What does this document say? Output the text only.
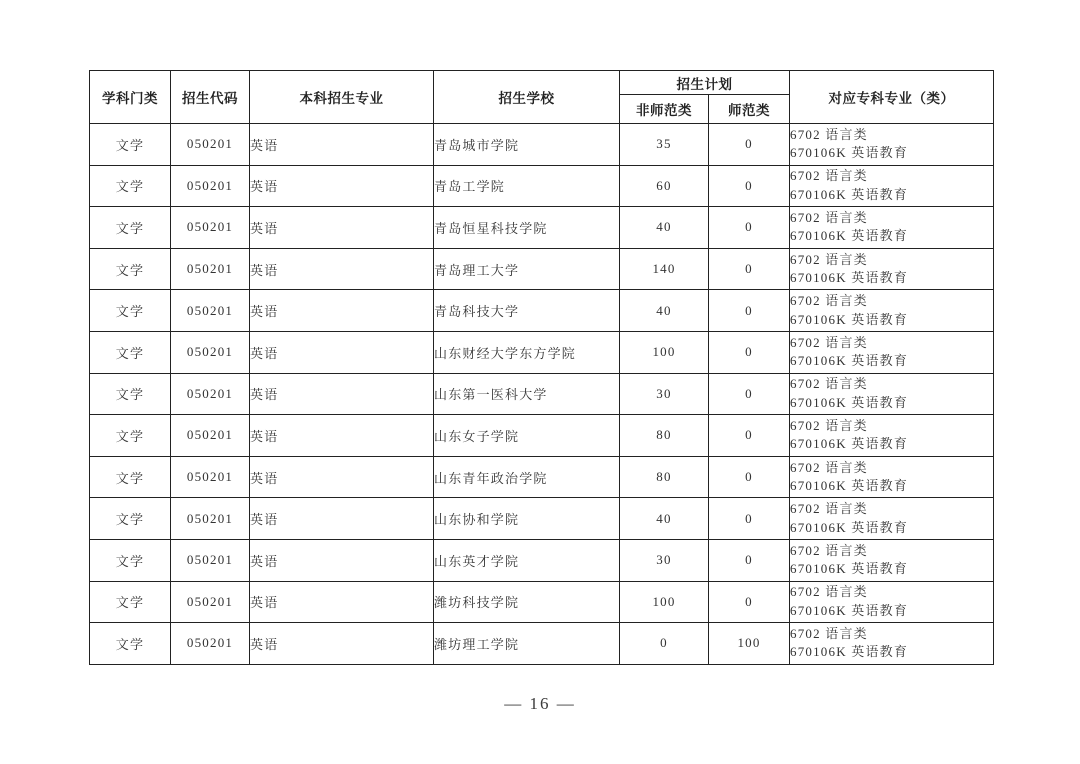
学科门类	招生代码	本科招生专业	招生学校	招生计划		对应专科专业（类）
				非师范类	师范类	
文学	050201	英语	青岛城市学院	35	0	6702 语言类
670106K 英语教育

文学	050201	英语	青岛工学院	60	0	6702 语言类
670106K 英语教育

文学	050201	英语	青岛恒星科技学院	40	0	6702 语言类
670106K 英语教育

文学	050201	英语	青岛理工大学	140	0	6702 语言类
670106K 英语教育

文学	050201	英语	青岛科技大学	40	0	6702 语言类
670106K 英语教育

文学	050201	英语	山东财经大学东方学院	100	0	6702 语言类
670106K 英语教育

文学	050201	英语	山东第一医科大学	30	0	6702 语言类
670106K 英语教育

文学	050201	英语	山东女子学院	80	0	6702 语言类
670106K 英语教育

文学	050201	英语	山东青年政治学院	80	0	6702 语言类
670106K 英语教育

文学	050201	英语	山东协和学院	40	0	6702 语言类
670106K 英语教育

文学	050201	英语	山东英才学院	30	0	6702 语言类
670106K 英语教育

文学	050201	英语	潍坊科技学院	100	0	6702 语言类
670106K 英语教育

文学	050201	英语	潍坊理工学院	0	100	6702 语言类
670106K 英语教育
— 16 —
